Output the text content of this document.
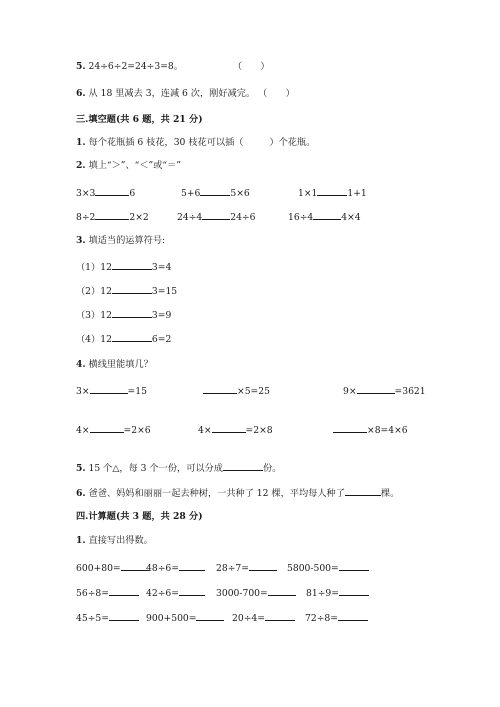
5. 24÷6÷2=24÷3=8。	（　　）
6. 从 18 里减去 3，连减 6 次，刚好减完。 （　　）
三.填空题(共 6 题，共 21 分)
1. 每个花瓶插 6 枝花，30 枝花可以插（	）个花瓶。
2. 填上“＞”、“＜”或“＝”
3×3	6	5+6	5×6	1×1	1+1
8÷2	2×2	24÷4	24÷6	16÷4	4×4
3. 填适当的运算符号:
（1）12	3=4
（2）12	3=15
（3）12	3=9
（4）12	6=2
4. 横线里能填几？
3×	=15	×5=25	9×	=3621
4×	=2×6	4×	=2×8	×8=4×6
5. 15 个△，每 3 个一份，可以分成	份。
6. 爸爸、妈妈和丽丽一起去种树，一共种了 12 棵，平均每人种了	棵。
四.计算题(共 3 题，共 28 分)
1. 直接写出得数。
600+80=	48÷6=	28÷7=	5800-500=
56÷8=	42÷6=	3000-700=	81÷9=
45÷5=	900+500=	20÷4=	72÷8=
